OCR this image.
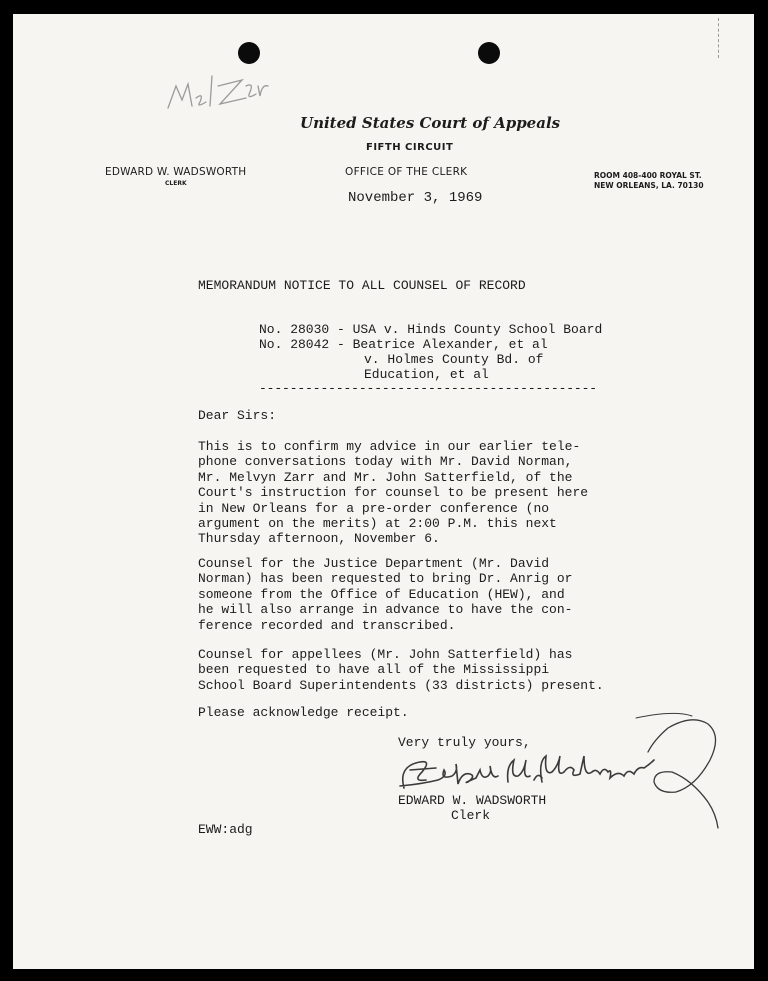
United States Court of Appeals
FIFTH CIRCUIT
EDWARD W. WADSWORTH
CLERK
OFFICE OF THE CLERK	ROOM 408-400 ROYAL ST.
NEW ORLEANS, LA. 70130
November 3, 1969
MEMORANDUM NOTICE TO ALL COUNSEL OF RECORD
No. 28030 - USA v. Hinds County School Board
No. 28042 - Beatrice Alexander, et al
v. Holmes County Bd. of
Education, et al
--------------------------------------------
Dear Sirs:
This is to confirm my advice in our earlier tele-
phone conversations today with Mr. David Norman,
Mr. Melvyn Zarr and Mr. John Satterfield, of the
Court's instruction for counsel to be present here
in New Orleans for a pre-order conference (no
argument on the merits) at 2:00 P.M. this next
Thursday afternoon, November 6.
Counsel for the Justice Department (Mr. David
Norman) has been requested to bring Dr. Anrig or
someone from the Office of Education (HEW), and
he will also arrange in advance to have the con-
ference recorded and transcribed.
Counsel for appellees (Mr. John Satterfield) has
been requested to have all of the Mississippi
School Board Superintendents (33 districts) present.
Please acknowledge receipt.
Very truly yours,
EDWARD W. WADSWORTH
Clerk
EWW:adg
